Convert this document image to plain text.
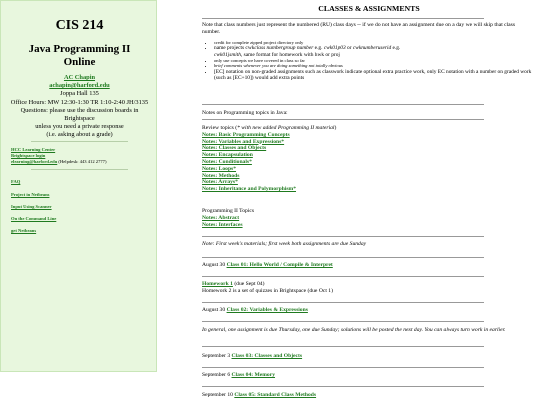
CIS 214
Java Programming II
Online
AC Chapin
achapin@harford.edu
Joppa Hall 135
Office Hours: MW 12:30-1:30 TR 1:10-2:40 JH/3135
Questions: please use the discussion boards in
Brightspace
unless you need a private response
(i.e. asking about a grade)
HCC Learning Center
Brightspace login
elearning@harford.edu (Helpdesk: 443 412 2777)
FAQ
Project in Netbeans
Input Using Scanner
On the Command Line
get Netbeans
CLASSES & ASSIGNMENTS
Note that class numbers just represent the numbered (RU) class days -- if we do not have an assignment due on a day we will skip that class number.
• credit for complete zipped project directory only
• name projects cwkclass numbergroup number e.g. cwk01p03 or cwknumberuserid e.g.
cwk01jsmith, same format for homework with hwk or proj
• only use concepts we have covered in class so far
• brief comments whenever you are doing something not totally obvious
• [EC] notation on non-graded assignments such as classwork indicate optional extra practice work, only EC notation with a number on graded work (such as [EC+10]) would add extra points
Notes on Programming topics in Java:
Review topics (* with new added Programming II material)
Notes: Basic Programming Concepts
Notes: Variables and Expressions*
Notes: Classes and Objects
Notes: Encapsulation
Notes: Conditionals*
Notes: Loops*
Notes: Methods
Notes: Arrays*
Notes: Inheritance and Polymorphism*
Programming II Topics
Notes: Abstract
Notes: Interfaces
Note: First week's materials; first week both assignments are due Sunday
August 30 Class 01: Hello World / Compile & Interpret
Homework 1 (due Sept 04)
Homework 2 is a set of quizzes in Brightspace (due Oct 1)
August 30 Class 02: Variables & Expressions
In general, one assignment is due Thursday, one due Sunday; solutions will be posted the next day. You can always turn work in earlier.
September 3 Class 03: Classes and Objects
September 6 Class 04: Memory
September 10 Class 05: Standard Class Methods
